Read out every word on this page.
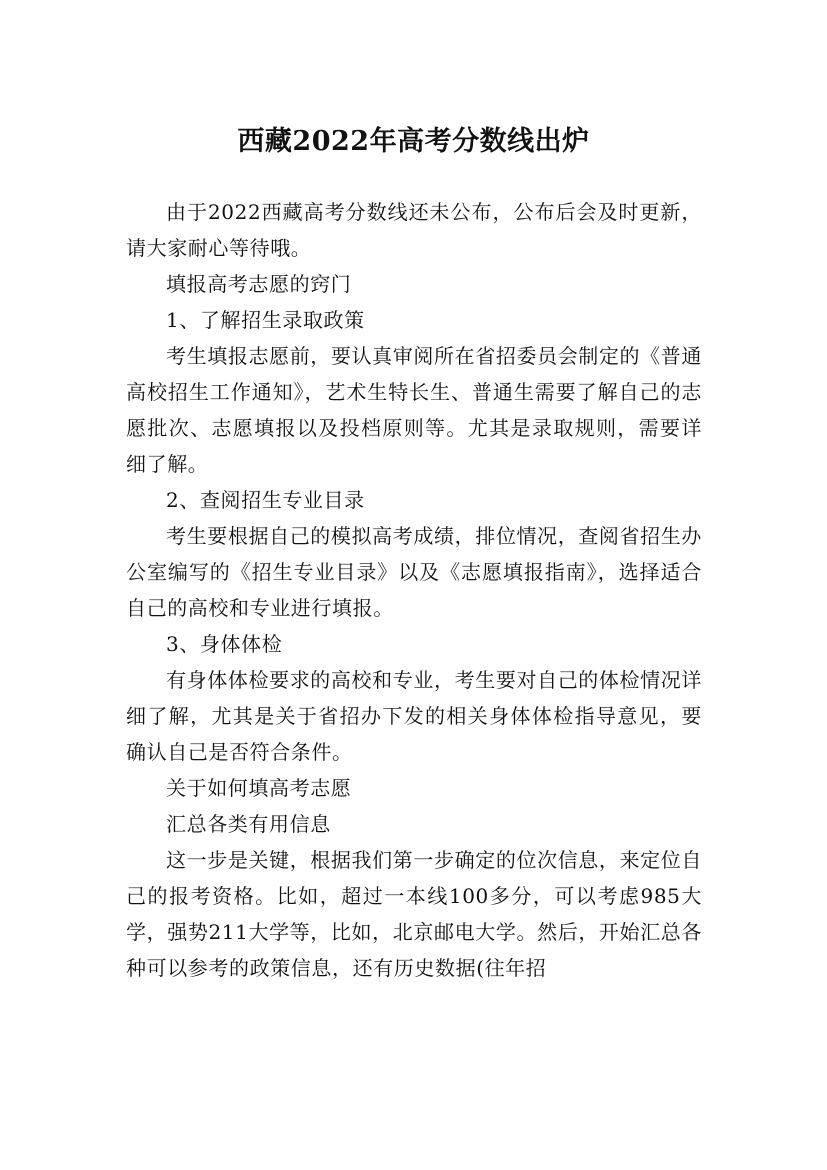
西藏2022年高考分数线出炉

由于2022西藏高考分数线还未公布，公布后会及时更新，请大家耐心等待哦。

填报高考志愿的窍门

1、了解招生录取政策

考生填报志愿前，要认真审阅所在省招委员会制定的《普通高校招生工作通知》，艺术生特长生、普通生需要了解自己的志愿批次、志愿填报以及投档原则等。尤其是录取规则，需要详细了解。

2、查阅招生专业目录

考生要根据自己的模拟高考成绩，排位情况，查阅省招生办公室编写的《招生专业目录》以及《志愿填报指南》，选择适合自己的高校和专业进行填报。

3、身体体检

有身体体检要求的高校和专业，考生要对自己的体检情况详细了解，尤其是关于省招办下发的相关身体体检指导意见，要确认自己是否符合条件。

关于如何填高考志愿

汇总各类有用信息

这一步是关键，根据我们第一步确定的位次信息，来定位自己的报考资格。比如，超过一本线100多分，可以考虑985大学，强势211大学等，比如，北京邮电大学。然后，开始汇总各种可以参考的政策信息，还有历史数据(往年招
